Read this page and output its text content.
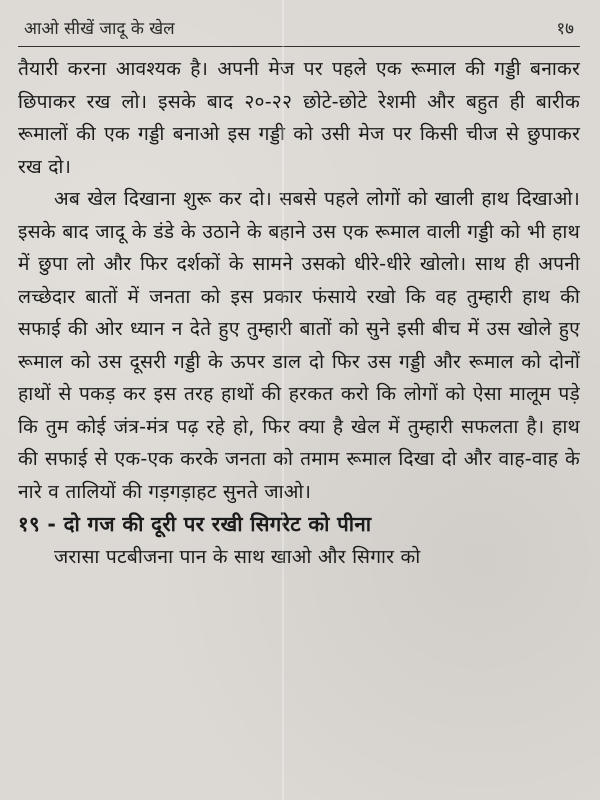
आओ सीखें जादू के खेल	१७

तैयारी करना आवश्यक है। अपनी मेज पर पहले एक रूमाल की गड्डी बनाकर छिपाकर रख लो। इसके बाद २०-२२ छोटे-छोटे रेशमी और बहुत ही बारीक रूमालों की एक गड्डी बनाओ इस गड्डी को उसी मेज पर किसी चीज से छुपाकर रख दो।

अब खेल दिखाना शुरू कर दो। सबसे पहले लोगों को खाली हाथ दिखाओ। इसके बाद जादू के डंडे के उठाने के बहाने उस एक रूमाल वाली गड्डी को भी हाथ में छुपा लो और फिर दर्शकों के सामने उसको धीरे-धीरे खोलो। साथ ही अपनी लच्छेदार बातों में जनता को इस प्रकार फंसाये रखो कि वह तुम्हारी हाथ की सफाई की ओर ध्यान न देते हुए तुम्हारी बातों को सुने इसी बीच में उस खोले हुए रूमाल को उस दूसरी गड्डी के ऊपर डाल दो फिर उस गड्डी और रूमाल को दोनों हाथों से पकड़ कर इस तरह हाथों की हरकत करो कि लोगों को ऐसा मालूम पड़े कि तुम कोई जंत्र-मंत्र पढ़ रहे हो, फिर क्या है खेल में तुम्हारी सफलता है। हाथ की सफाई से एक-एक करके जनता को तमाम रूमाल दिखा दो और वाह-वाह के नारे व तालियों की गड़गड़ाहट सुनते जाओ।

१९ - दो गज की दूरी पर रखी सिगरेट को पीना

जरासा पटबीजना पान के साथ खाओ और सिगार को
